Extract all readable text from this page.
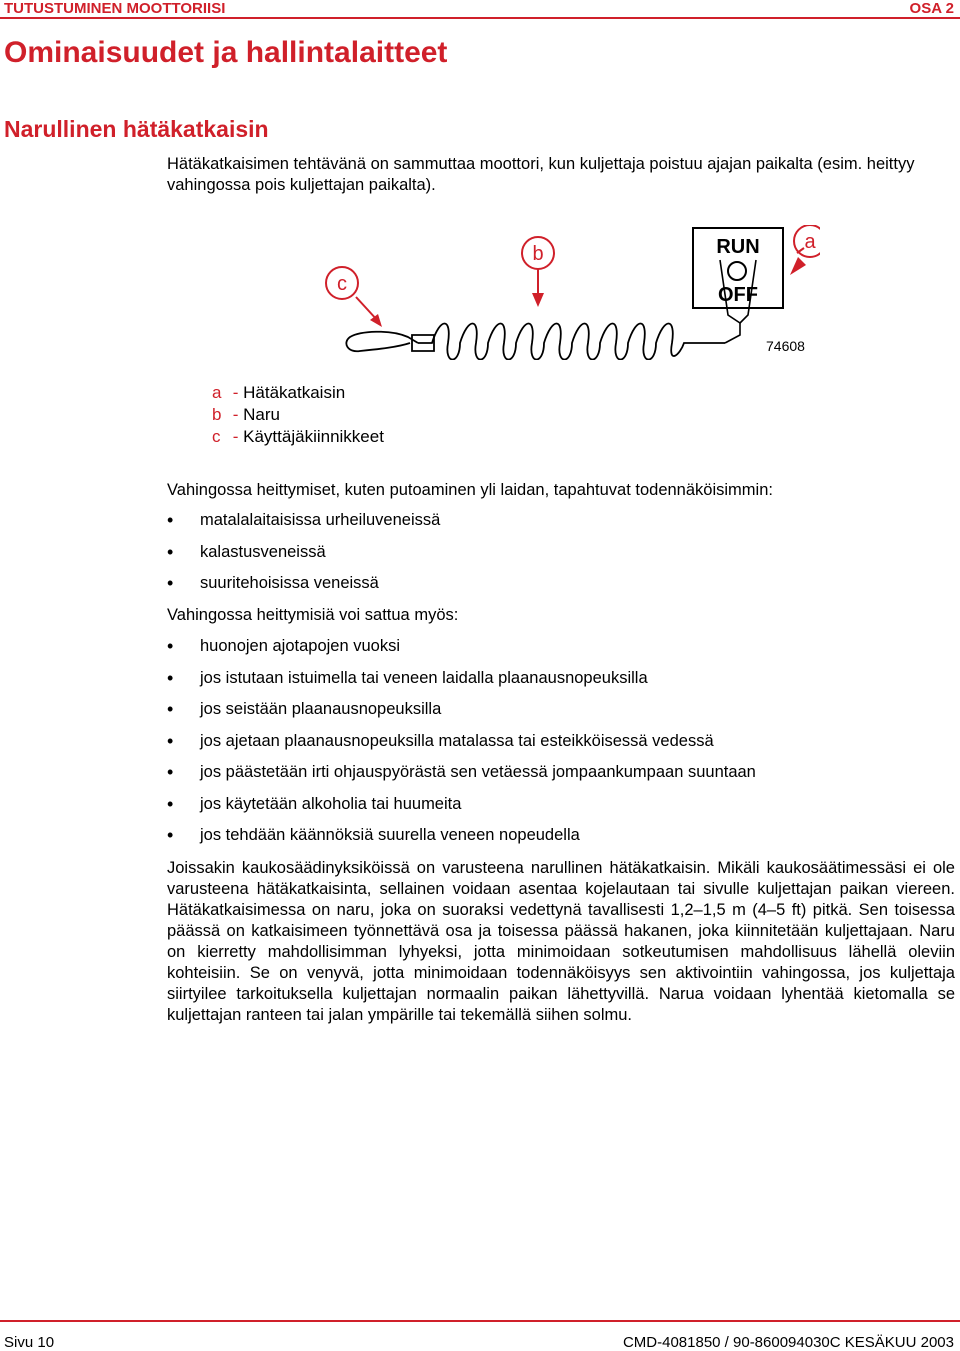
TUTUSTUMINEN MOOTTORIISI	OSA 2
Ominaisuudet ja hallintalaitteet
Narullinen hätäkatkaisin
Hätäkatkaisimen tehtävänä on sammuttaa moottori, kun kuljettaja poistuu ajajan paikalta (esim. heittyy vahingossa pois kuljettajan paikalta).
c
b
a
RUN
OFF
74608
a - Hätäkatkaisin
b - Naru
c - Käyttäjäkiinnikkeet
Vahingossa heittymiset, kuten putoaminen yli laidan, tapahtuvat todennäköisimmin:
• matalalaitaisissa urheiluveneissä
• kalastusveneissä
• suuritehoisissa veneissä
Vahingossa heittymisiä voi sattua myös:
• huonojen ajotapojen vuoksi
• jos istutaan istuimella tai veneen laidalla plaanausnopeuksilla
• jos seistään plaanausnopeuksilla
• jos ajetaan plaanausnopeuksilla matalassa tai esteikköisessä vedessä
• jos päästetään irti ohjauspyörästä sen vetäessä jompaankumpaan suuntaan
• jos käytetään alkoholia tai huumeita
• jos tehdään käännöksiä suurella veneen nopeudella
Joissakin kaukosäädinyksiköissä on varusteena narullinen hätäkatkaisin. Mikäli kaukosäätimessäsi ei ole varusteena hätäkatkaisinta, sellainen voidaan asentaa kojelautaan tai sivulle kuljettajan paikan viereen. Hätäkatkaisimessa on naru, joka on suoraksi vedettynä tavallisesti 1,2–1,5 m (4–5 ft) pitkä. Sen toisessa päässä on katkaisimeen työnnettävä osa ja toisessa päässä hakanen, joka kiinnitetään kuljettajaan. Naru on kierretty mahdollisimman lyhyeksi, jotta minimoidaan sotkeutumisen mahdollisuus lähellä oleviin kohteisiin. Se on venyvä, jotta minimoidaan todennäköisyys sen aktivointiin vahingossa, jos kuljettaja siirtyilee tarkoituksella kuljettajan normaalin paikan lähettyvillä. Narua voidaan lyhentää kietomalla se kuljettajan ranteen tai jalan ympärille tai tekemällä siihen solmu.
Sivu 10	CMD-4081850 / 90-860094030C KESÄKUU 2003
